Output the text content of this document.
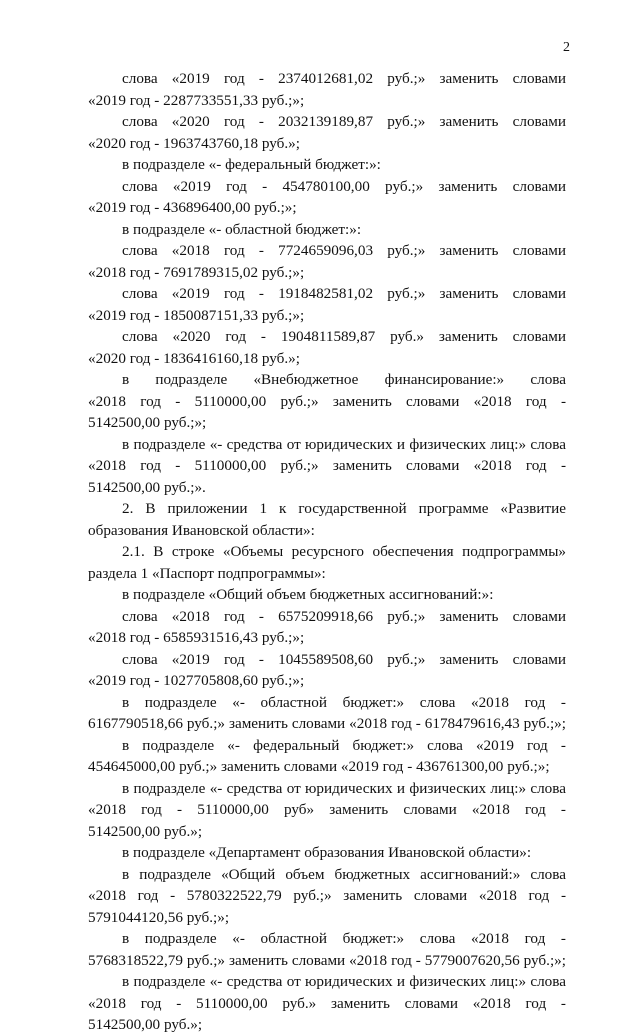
2
слова «2019 год - 2374012681,02 руб.;» заменить словами
«2019 год - 2287733551,33 руб.;»;
слова «2020 год - 2032139189,87 руб.;» заменить словами
«2020 год - 1963743760,18 руб.»;
в подразделе «- федеральный бюджет:»:
слова «2019 год - 454780100,00 руб.;» заменить словами
«2019 год - 436896400,00 руб.;»;
в подразделе «- областной бюджет:»:
слова «2018 год - 7724659096,03 руб.;» заменить словами
«2018 год - 7691789315,02 руб.;»;
слова «2019 год - 1918482581,02 руб.;» заменить словами
«2019 год - 1850087151,33 руб.;»;
слова «2020 год - 1904811589,87 руб.» заменить словами
«2020 год - 1836416160,18 руб.»;
в подразделе «Внебюджетное финансирование:» слова
«2018 год - 5110000,00 руб.;» заменить словами «2018 год -
5142500,00 руб.;»;
в подразделе «- средства от юридических и физических лиц:» слова
«2018 год - 5110000,00 руб.;» заменить словами «2018 год -
5142500,00 руб.;».
2. В приложении 1 к государственной программе «Развитие
образования Ивановской области»:
2.1. В строке «Объемы ресурсного обеспечения подпрограммы»
раздела 1 «Паспорт подпрограммы»:
в подразделе «Общий объем бюджетных ассигнований:»:
слова «2018 год - 6575209918,66 руб.;» заменить словами
«2018 год - 6585931516,43 руб.;»;
слова «2019 год - 1045589508,60 руб.;» заменить словами
«2019 год - 1027705808,60 руб.;»;
в подразделе «- областной бюджет:» слова «2018 год -
6167790518,66 руб.;» заменить словами «2018 год - 6178479616,43 руб.;»;
в подразделе «- федеральный бюджет:» слова «2019 год -
454645000,00 руб.;» заменить словами «2019 год - 436761300,00 руб.;»;
в подразделе «- средства от юридических и физических лиц:» слова
«2018 год - 5110000,00 руб» заменить словами «2018 год -
5142500,00 руб.»;
в подразделе «Департамент образования Ивановской области»:
в подразделе «Общий объем бюджетных ассигнований:» слова
«2018 год - 5780322522,79 руб.;» заменить словами «2018 год -
5791044120,56 руб.;»;
в подразделе «- областной бюджет:» слова «2018 год -
5768318522,79 руб.;» заменить словами «2018 год - 5779007620,56 руб.;»;
в подразделе «- средства от юридических и физических лиц:» слова
«2018 год - 5110000,00 руб.» заменить словами «2018 год -
5142500,00 руб.»;
